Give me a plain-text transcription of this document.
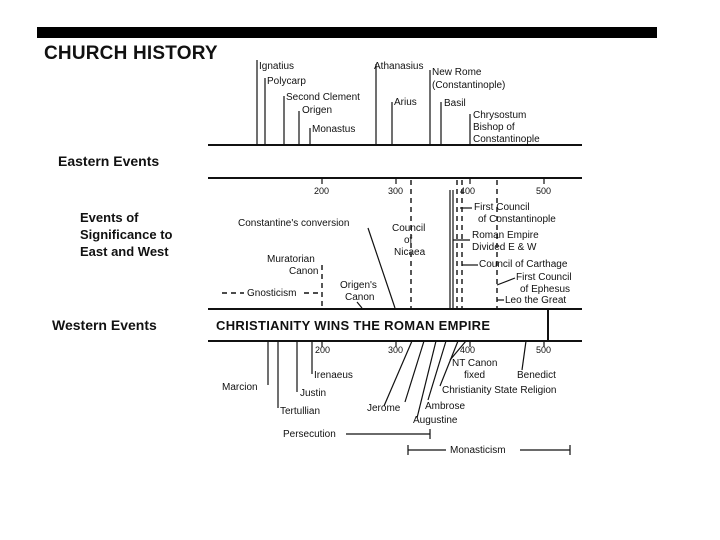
CHURCH HISTORY
Eastern Events
Ignatius
Polycarp
Second Clement
Origen
Monastus
Athanasius
Arius
New Rome
(Constantinople)
Basil
Chrysostum
Bishop of
Constantinople
200	300	400	500
Events of
Significance to
East and West
Constantine's conversion	Council
of
Nicaea
First Council
of Constantinople
Roman Empire
Divided E & W
Council of Carthage
First Council
of Ephesus
Leo the Great
Muratorian
Canon
Gnosticism
Origen's
Canon
Western Events	CHRISTIANITY WINS THE ROMAN EMPIRE
200	300	400	500
Irenaeus
Marcion
Justin
Tertullian	Jerome Ambrose
Augustine
NT Canon
fixed
Christianity State Religion
Benedict
Persecution
Monasticism
